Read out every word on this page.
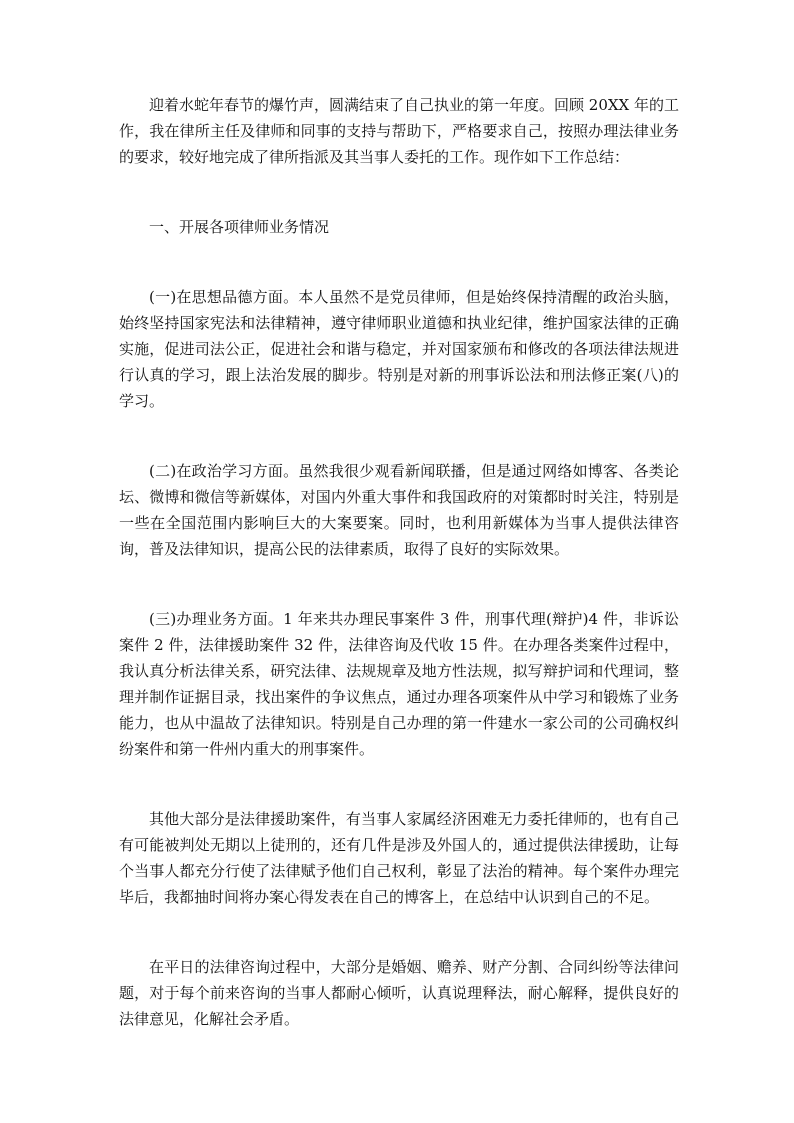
迎着水蛇年春节的爆竹声，圆满结束了自己执业的第一年度。回顾 20XX 年的工作，我在律所主任及律师和同事的支持与帮助下，严格要求自己，按照办理法律业务的要求，较好地完成了律所指派及其当事人委托的工作。现作如下工作总结：

一、开展各项律师业务情况

(一)在思想品德方面。本人虽然不是党员律师，但是始终保持清醒的政治头脑，始终坚持国家宪法和法律精神，遵守律师职业道德和执业纪律，维护国家法律的正确实施，促进司法公正，促进社会和谐与稳定，并对国家颁布和修改的各项法律法规进行认真的学习，跟上法治发展的脚步。特别是对新的刑事诉讼法和刑法修正案(八)的学习。

(二)在政治学习方面。虽然我很少观看新闻联播，但是通过网络如博客、各类论坛、微博和微信等新媒体，对国内外重大事件和我国政府的对策都时时关注，特别是一些在全国范围内影响巨大的大案要案。同时，也利用新媒体为当事人提供法律咨询，普及法律知识，提高公民的法律素质，取得了良好的实际效果。

(三)办理业务方面。1 年来共办理民事案件 3 件，刑事代理(辩护)4 件，非诉讼案件 2 件，法律援助案件 32 件，法律咨询及代收 15 件。在办理各类案件过程中，我认真分析法律关系，研究法律、法规规章及地方性法规，拟写辩护词和代理词，整理并制作证据目录，找出案件的争议焦点，通过办理各项案件从中学习和锻炼了业务能力，也从中温故了法律知识。特别是自己办理的第一件建水一家公司的公司确权纠纷案件和第一件州内重大的刑事案件。

其他大部分是法律援助案件，有当事人家属经济困难无力委托律师的，也有自己有可能被判处无期以上徒刑的，还有几件是涉及外国人的，通过提供法律援助，让每个当事人都充分行使了法律赋予他们自己权利，彰显了法治的精神。每个案件办理完毕后，我都抽时间将办案心得发表在自己的博客上，在总结中认识到自己的不足。

在平日的法律咨询过程中，大部分是婚姻、赡养、财产分割、合同纠纷等法律问题，对于每个前来咨询的当事人都耐心倾听，认真说理释法，耐心解释，提供良好的法律意见，化解社会矛盾。
